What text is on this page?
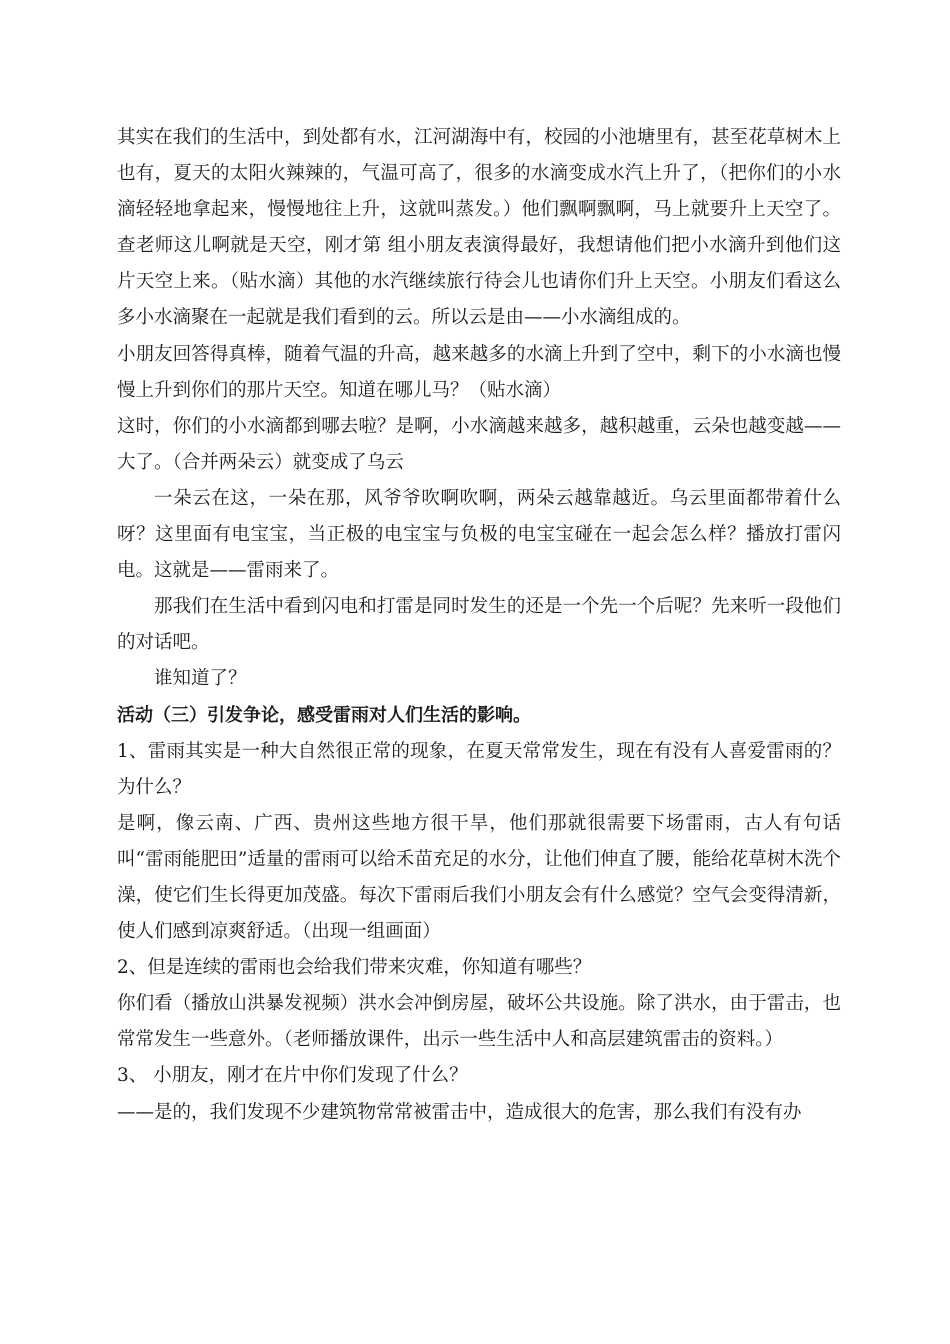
其实在我们的生活中，到处都有水，江河湖海中有，校园的小池塘里有，甚至花草树木上也有，夏天的太阳火辣辣的，气温可高了，很多的水滴变成水汽上升了，（把你们的小水滴轻轻地拿起来，慢慢地往上升，这就叫蒸发。）他们飘啊飘啊，马上就要升上天空了。查老师这儿啊就是天空，刚才第 组小朋友表演得最好，我想请他们把小水滴升到他们这片天空上来。（贴水滴）其他的水汽继续旅行待会儿也请你们升上天空。小朋友们看这么多小水滴聚在一起就是我们看到的云。所以云是由——小水滴组成的。

小朋友回答得真棒，随着气温的升高，越来越多的水滴上升到了空中，剩下的小水滴也慢慢上升到你们的那片天空。知道在哪儿马？（贴水滴）

这时，你们的小水滴都到哪去啦？是啊，小水滴越来越多，越积越重，云朵也越变越——大了。（合并两朵云）就变成了乌云

一朵云在这，一朵在那，风爷爷吹啊吹啊，两朵云越靠越近。乌云里面都带着什么呀？这里面有电宝宝，当正极的电宝宝与负极的电宝宝碰在一起会怎么样？播放打雷闪电。这就是——雷雨来了。

那我们在生活中看到闪电和打雷是同时发生的还是一个先一个后呢？先来听一段他们的对话吧。

谁知道了？

活动（三）引发争论，感受雷雨对人们生活的影响。

1、雷雨其实是一种大自然很正常的现象，在夏天常常发生，现在有没有人喜爱雷雨的？为什么？

是啊，像云南、广西、贵州这些地方很干旱，他们那就很需要下场雷雨，古人有句话叫“雷雨能肥田”适量的雷雨可以给禾苗充足的水分，让他们伸直了腰，能给花草树木洗个澡，使它们生长得更加茂盛。每次下雷雨后我们小朋友会有什么感觉？空气会变得清新，使人们感到凉爽舒适。（出现一组画面）

2、但是连续的雷雨也会给我们带来灾难，你知道有哪些？

你们看（播放山洪暴发视频）洪水会冲倒房屋，破坏公共设施。除了洪水，由于雷击，也常常发生一些意外。（老师播放课件，出示一些生活中人和高层建筑雷击的资料。）

3、 小朋友，刚才在片中你们发现了什么？

——是的，我们发现不少建筑物常常被雷击中，造成很大的危害，那么我们有没有办
